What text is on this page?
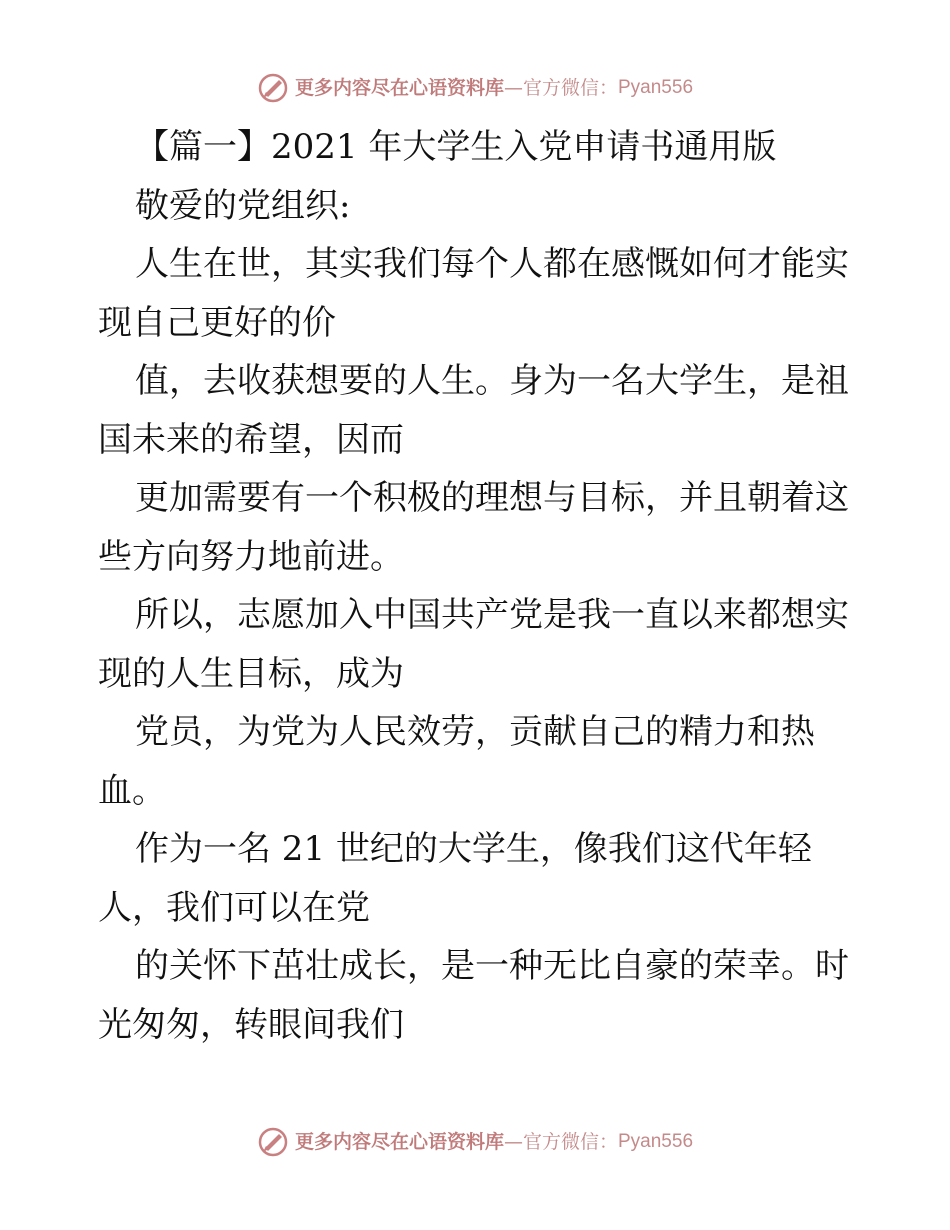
更多内容尽在心语资料库 — 官方微信： Pyan556
【篇一】2021 年大学生入党申请书通用版
敬爱的党组织:
人生在世，其实我们每个人都在感慨如何才能实
现自己更好的价
值，去收获想要的人生。身为一名大学生，是祖
国未来的希望，因而
更加需要有一个积极的理想与目标，并且朝着这
些方向努力地前进。
所以，志愿加入中国共产党是我一直以来都想实
现的人生目标，成为
党员，为党为人民效劳，贡献自己的精力和热
血。
作为一名 21 世纪的大学生，像我们这代年轻
人，我们可以在党
的关怀下茁壮成长，是一种无比自豪的荣幸。时
光匆匆，转眼间我们
更多内容尽在心语资料库 — 官方微信： Pyan556
